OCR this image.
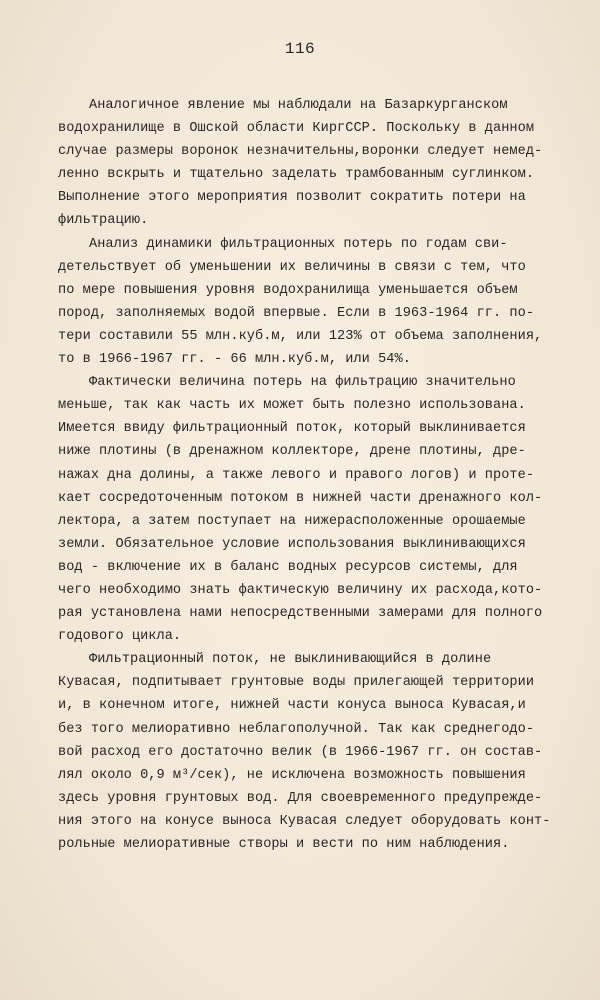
116
Аналогичное явление мы наблюдали на Базаркурганском
водохранилище в Ошской области КиргССР. Поскольку в данном
случае размеры воронок незначительны,воронки следует немед-
ленно вскрыть и тщательно заделать трамбованным суглинком.
Выполнение этого мероприятия позволит сократить потери на
фильтрацию.
Анализ динамики фильтрационных потерь по годам сви-
детельствует об уменьшении их величины в связи с тем, что
по мере повышения уровня водохранилища уменьшается объем
пород, заполняемых водой впервые. Если в 1963-1964 гг. по-
тери составили 55 млн.куб.м, или 123% от объема заполнения,
то в 1966-1967 гг. - 66 млн.куб.м, или 54%.
Фактически величина потерь на фильтрацию значительно
меньше, так как часть их может быть полезно использована.
Имеется ввиду фильтрационный поток, который выклинивается
ниже плотины (в дренажном коллекторе, дрене плотины, дре-
нажах дна долины, а также левого и правого логов) и проте-
кает сосредоточенным потоком в нижней части дренажного кол-
лектора, а затем поступает на нижерасположенные орошаемые
земли. Обязательное условие использования выклинивающихся
вод - включение их в баланс водных ресурсов системы, для
чего необходимо знать фактическую величину их расхода,кото-
рая установлена нами непосредственными замерами для полного
годового цикла.
Фильтрационный поток, не выклинивающийся в долине
Кувасая, подпитывает грунтовые воды прилегающей территории
и, в конечном итоге, нижней части конуса выноса Кувасая,и
без того мелиоративно неблагополучной. Так как среднегодо-
вой расход его достаточно велик (в 1966-1967 гг. он состав-
лял около 0,9 м³/сек), не исключена возможность повышения
здесь уровня грунтовых вод. Для своевременного предупрежде-
ния этого на конусе выноса Кувасая следует оборудовать конт-
рольные мелиоративные створы и вести по ним наблюдения.
